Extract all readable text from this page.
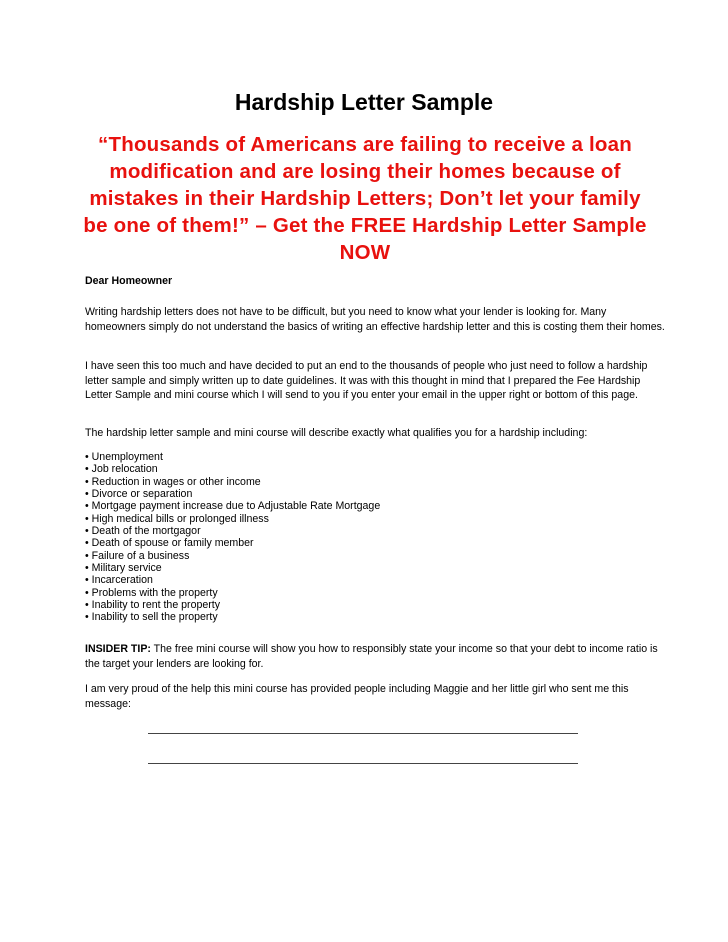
Hardship Letter Sample

“Thousands of Americans are failing to receive a loan modification and are losing their homes because of mistakes in their Hardship Letters; Don’t let your family be one of them!” – Get the FREE Hardship Letter Sample NOW

Dear Homeowner

Writing hardship letters does not have to be difficult, but you need to know what your lender is looking for. Many homeowners simply do not understand the basics of writing an effective hardship letter and this is costing them their homes.

I have seen this too much and have decided to put an end to the thousands of people who just need to follow a hardship letter sample and simply written up to date guidelines. It was with this thought in mind that I prepared the Fee Hardship Letter Sample and mini course which I will send to you if you enter your email in the upper right or bottom of this page.

The hardship letter sample and mini course will describe exactly what qualifies you for a hardship including:

• Unemployment
• Job relocation
• Reduction in wages or other income
• Divorce or separation
• Mortgage payment increase due to Adjustable Rate Mortgage
• High medical bills or prolonged illness
• Death of the mortgagor
• Death of spouse or family member
• Failure of a business
• Military service
• Incarceration
• Problems with the property
• Inability to rent the property
• Inability to sell the property

INSIDER TIP: The free mini course will show you how to responsibly state your income so that your debt to income ratio is the target your lenders are looking for.

I am very proud of the help this mini course has provided people including Maggie and her little girl who sent me this message:
